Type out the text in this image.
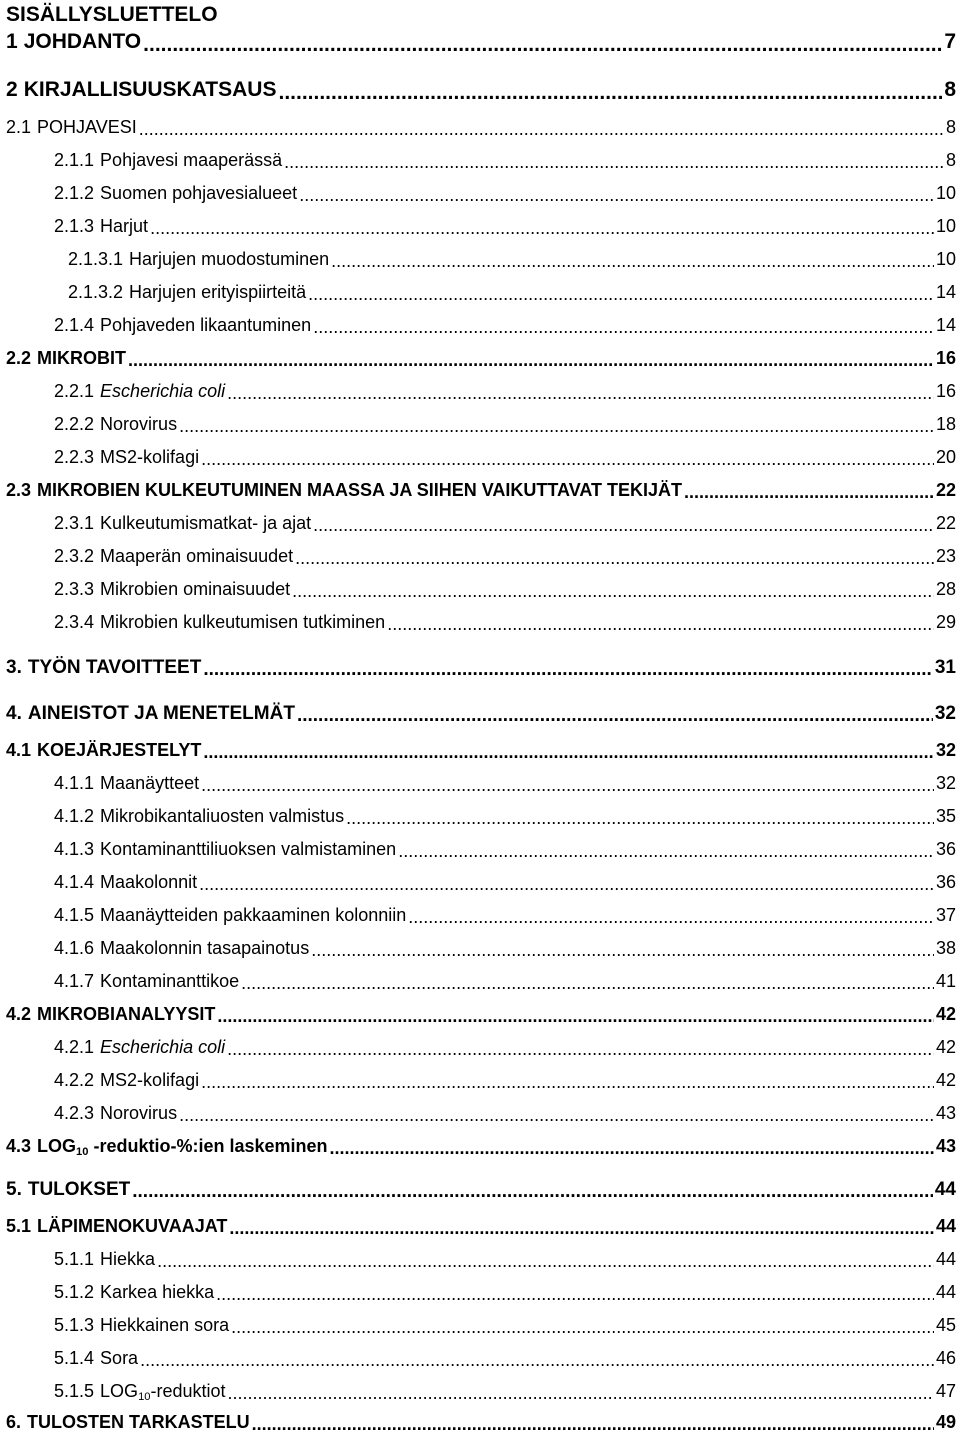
SISÄLLYSLUETTELO
1 JOHDANTO .....	7
2 KIRJALLISUUSKATSAUS .....	8
2.1 POHJAVESI .....	8
2.1.1 Pohjavesi maaperässä .....	8
2.1.2 Suomen pohjavesialueet .....	10
2.1.3 Harjut .....	10
2.1.3.1 Harjujen muodostuminen .....	10
2.1.3.2 Harjujen erityispiirteitä .....	14
2.1.4 Pohjaveden likaantuminen .....	14
2.2 MIKROBIT .....	16
2.2.1 Escherichia coli .....	16
2.2.2 Norovirus .....	18
2.2.3 MS2-kolifagi .....	20
2.3 MIKROBIEN KULKEUTUMINEN MAASSA JA SIIHEN VAIKUTTAVAT TEKIJÄT .....	22
2.3.1 Kulkeutumismatkat- ja ajat .....	22
2.3.2 Maaperän ominaisuudet .....	23
2.3.3 Mikrobien ominaisuudet .....	28
2.3.4 Mikrobien kulkeutumisen tutkiminen .....	29
3. TYÖN TAVOITTEET .....	31
4. AINEISTOT JA MENETELMÄT .....	32
4.1 KOEJÄRJESTELYT .....	32
4.1.1 Maanäytteet .....	32
4.1.2 Mikrobikantaliuosten valmistus .....	35
4.1.3 Kontaminanttiliuoksen valmistaminen .....	36
4.1.4 Maakolonnit .....	36
4.1.5 Maanäytteiden pakkaaminen kolonniin .....	37
4.1.6 Maakolonnin tasapainotus .....	38
4.1.7 Kontaminanttikoe .....	41
4.2 MIKROBIANALYYSIT .....	42
4.2.1 Escherichia coli .....	42
4.2.2 MS2-kolifagi .....	42
4.2.3 Norovirus .....	43
4.3 $LOG_{10}$ -reduktio-%:ien laskeminen .....	43
5. TULOKSET .....	44
5.1 LÄPIMENOKUVAAJAT .....	44
5.1.1 Hiekka .....	44
5.1.2 Karkea hiekka .....	44
5.1.3 Hiekkainen sora .....	45
5.1.4 Sora .....	46
5.1.5 $LOG_{10}$-reduktiot .....	47
6. TULOSTEN TARKASTELU .....	49
